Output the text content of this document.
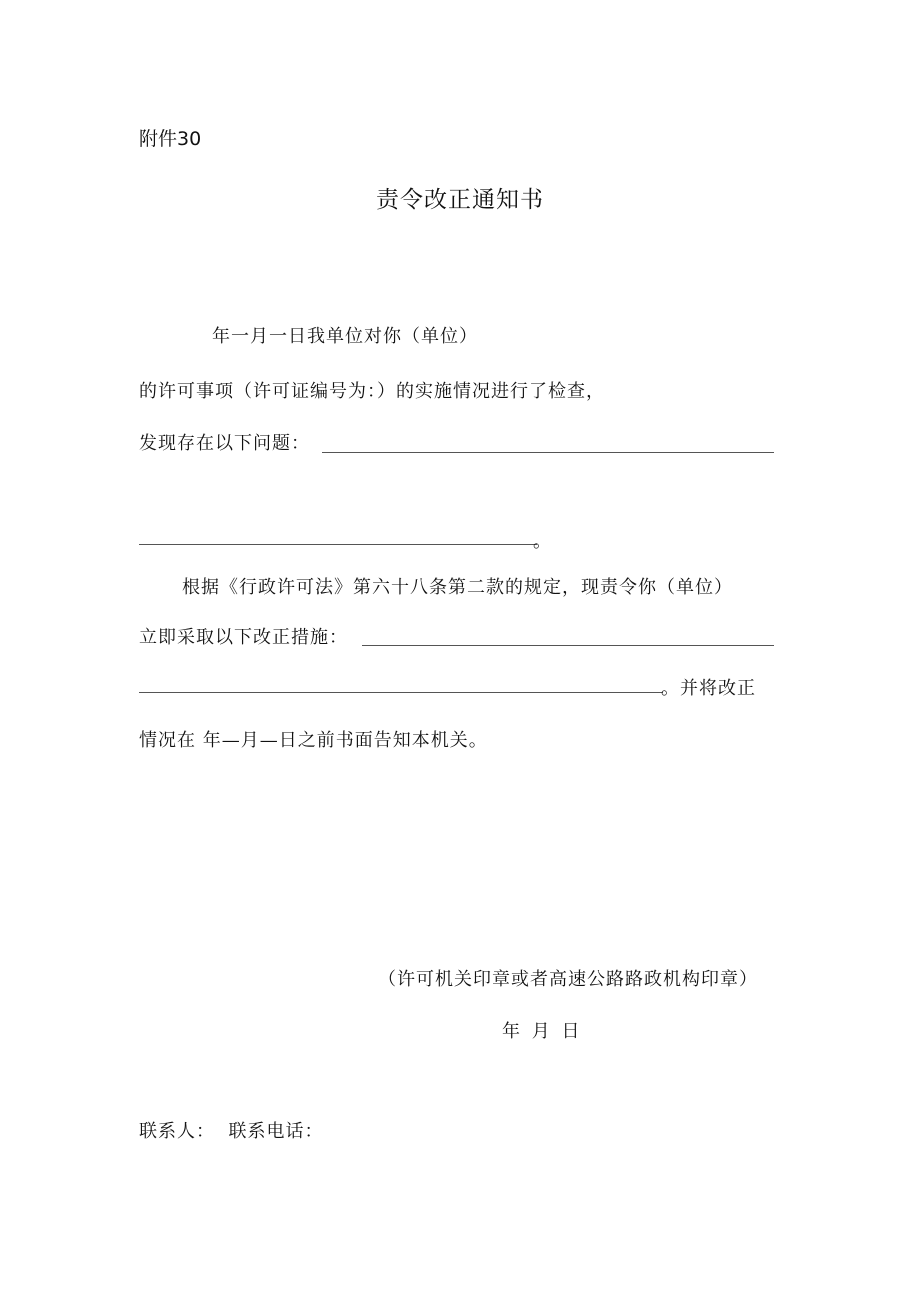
附件30
责令改正通知书
年一月一日我单位对你（单位）
的许可事项（许可证编号为：）的实施情况进行了检查，
发现存在以下问题：
。
根据《行政许可法》第六十八条第二款的规定，现责令你（单位）
立即采取以下改正措施：
。并将改正
情况在 年—月—日之前书面告知本机关。
（许可机关印章或者高速公路路政机构印章）
年 月 日
联系人：  联系电话：
